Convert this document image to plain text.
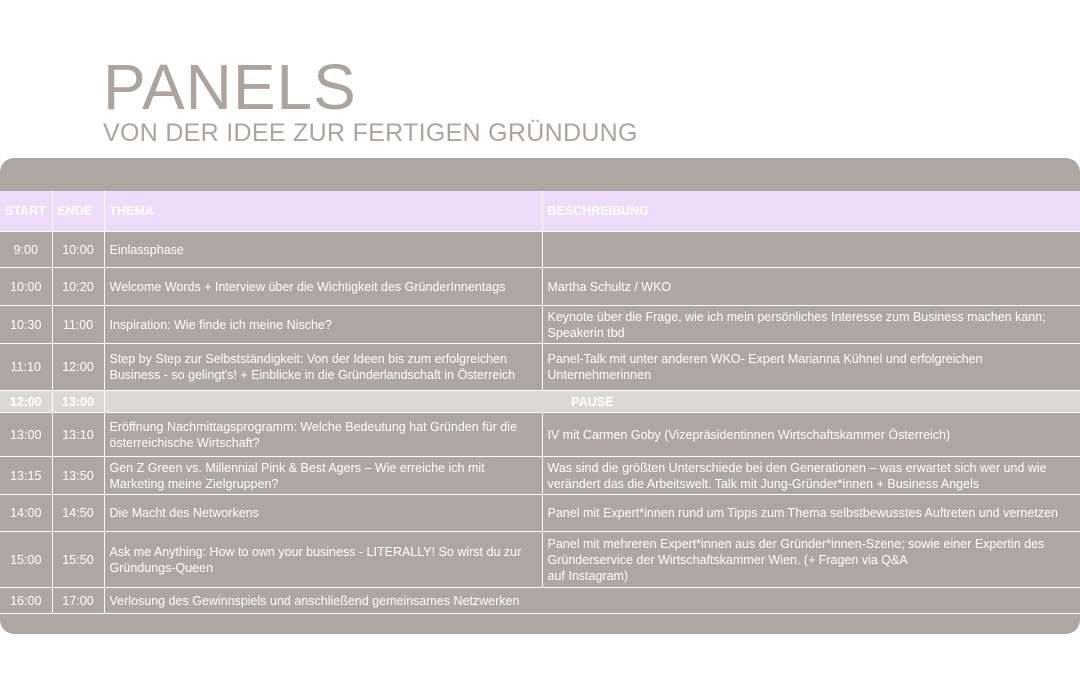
PANELS
VON DER IDEE ZUR FERTIGEN GRÜNDUNG
START	ENDE	THEMA	BESCHREIBUNG
9:00	10:00	Einlassphase	
10:00	10:20	Welcome Words + Interview über die Wichtigkeit des GründerInnentags	Martha Schultz / WKO
10:30	11:00	Inspiration: Wie finde ich meine Nische?	Keynote über die Frage, wie ich mein persönliches Interesse zum Business machen kann; Speakerin tbd
11:10	12:00	Step by Step zur Selbstständigkeit: Von der Ideen bis zum erfolgreichen Business - so gelingt's! + Einblicke in die Gründerlandschaft in Österreich	Panel-Talk mit unter anderen WKO- Expert Marianna Kühnel und erfolgreichen Unternehmerinnen
12:00	13:00	PAUSE	
13:00	13:10	Eröffnung Nachmittagsprogramm: Welche Bedeutung hat Gründen für die österreichische Wirtschaft?	IV mit Carmen Goby (Vizepräsidentinnen Wirtschaftskammer Österreich)
13:15	13:50	Gen Z Green vs. Millennial Pink & Best Agers – Wie erreiche ich mit Marketing meine Zielgruppen?	Was sind die größten Unterschiede bei den Generationen – was erwartet sich wer und wie verändert das die Arbeitswelt. Talk mit Jung-Gründer*innen + Business Angels
14:00	14:50	Die Macht des Networkens	Panel mit Expert*innen rund um Tipps zum Thema selbstbewusstes Auftreten und vernetzen
15:00	15:50	Ask me Anything: How to own your business - LITERALLY! So wirst du zur Gründungs-Queen	Panel mit mehreren Expert*innen aus der Gründer*innen-Szene; sowie einer Expertin des Gründerservice der Wirtschaftskammer Wien. (+ Fragen via Q&A
auf Instagram)
16:00	17:00	Verlosung des Gewinnspiels und anschließend gemeinsames Netzwerken	
